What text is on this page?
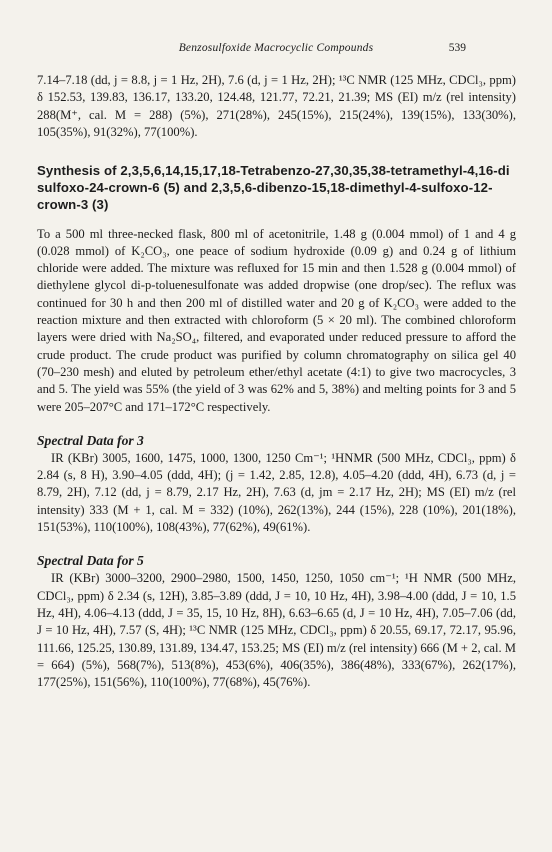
Benzosulfoxide Macrocyclic Compounds	539

7.14–7.18 (dd, j = 8.8, j = 1 Hz, 2H), 7.6 (d, j = 1 Hz, 2H); ¹³C NMR (125 MHz, CDCl₃, ppm) δ 152.53, 139.83, 136.17, 133.20, 124.48, 121.77, 72.21, 21.39; MS (EI) m/z (rel intensity) 288(M⁺, cal. M = 288) (5%), 271(28%), 245(15%), 215(24%), 139(15%), 133(30%), 105(35%), 91(32%), 77(100%).

Synthesis of 2,3,5,6,14,15,17,18-Tetrabenzo-27,30,35,38-tetramethyl-4,16-di sulfoxo-24-crown-6 (5) and 2,3,5,6-dibenzo-15,18-dimethyl-4-sulfoxo-12-crown-3 (3)

To a 500 ml three-necked flask, 800 ml of acetonitrile, 1.48 g (0.004 mmol) of 1 and 4 g (0.028 mmol) of K₂CO₃, one peace of sodium hydroxide (0.09 g) and 0.24 g of lithium chloride were added. The mixture was refluxed for 15 min and then 1.528 g (0.004 mmol) of diethylene glycol di-p-toluenesulfonate was added dropwise (one drop/sec). The reflux was continued for 30 h and then 200 ml of distilled water and 20 g of K₂CO₃ were added to the reaction mixture and then extracted with chloroform (5 × 20 ml). The combined chloroform layers were dried with Na₂SO₄, filtered, and evaporated under reduced pressure to afford the crude product. The crude product was purified by column chromatography on silica gel 40 (70–230 mesh) and eluted by petroleum ether/ethyl acetate (4:1) to give two macrocycles, 3 and 5. The yield was 55% (the yield of 3 was 62% and 5, 38%) and melting points for 3 and 5 were 205–207°C and 171–172°C respectively.

Spectral Data for 3

IR (KBr) 3005, 1600, 1475, 1000, 1300, 1250 Cm⁻¹; ¹HNMR (500 MHz, CDCl₃, ppm) δ 2.84 (s, 8 H), 3.90–4.05 (ddd, 4H); (j = 1.42, 2.85, 12.8), 4.05–4.20 (ddd, 4H), 6.73 (d, j = 8.79, 2H), 7.12 (dd, j = 8.79, 2.17 Hz, 2H), 7.63 (d, jm = 2.17 Hz, 2H); MS (EI) m/z (rel intensity) 333 (M + 1, cal. M = 332) (10%), 262(13%), 244 (15%), 228 (10%), 201(18%), 151(53%), 110(100%), 108(43%), 77(62%), 49(61%).

Spectral Data for 5

IR (KBr) 3000–3200, 2900–2980, 1500, 1450, 1250, 1050 cm⁻¹; ¹H NMR (500 MHz, CDCl₃, ppm) δ 2.34 (s, 12H), 3.85–3.89 (ddd, J = 10, 10 Hz, 4H), 3.98–4.00 (ddd, J = 10, 1.5 Hz, 4H), 4.06–4.13 (ddd, J = 35, 15, 10 Hz, 8H), 6.63–6.65 (d, J = 10 Hz, 4H), 7.05–7.06 (dd, J = 10 Hz, 4H), 7.57 (S, 4H); ¹³C NMR (125 MHz, CDCl₃, ppm) δ 20.55, 69.17, 72.17, 95.96, 111.66, 125.25, 130.89, 131.89, 134.47, 153.25; MS (EI) m/z (rel intensity) 666 (M + 2, cal. M = 664) (5%), 568(7%), 513(8%), 453(6%), 406(35%), 386(48%), 333(67%), 262(17%), 177(25%), 151(56%), 110(100%), 77(68%), 45(76%).
